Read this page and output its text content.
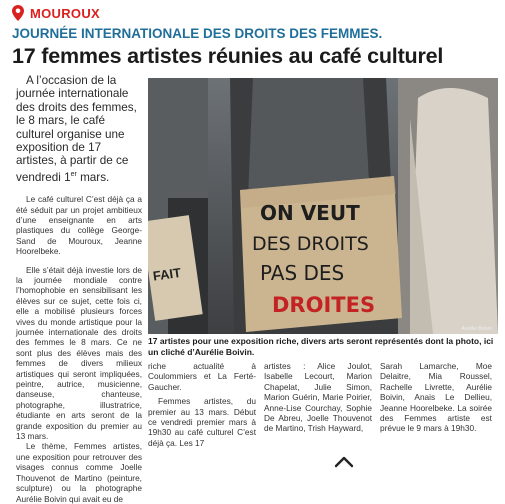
MOUROUX
JOURNÉE INTERNATIONALE DES DROITS DES FEMMES.
17 femmes artistes réunies au café culturel

A l’occasion de la journée internationale des droits des femmes, le 8 mars, le café culturel organise une exposition de 17 artistes, à partir de ce vendredi 1er mars.

Le café culturel C’est déjà ça a été séduit par un projet ambitieux d’une enseignante en arts plastiques du collège George-Sand de Mouroux, Jeanne Hoorelbeke.

Elle s’était déjà investie lors de la journée mondiale contre l’homophobie en sensibilisant les élèves sur ce sujet, cette fois ci, elle a mobilisé plusieurs forces vives du monde artistique pour la journée internationale des droits des femmes le 8 mars. Ce ne sont plus des élèves mais des femmes de divers milieux artistiques qui seront impliquées, peintre, autrice, musicienne, danseuse, chanteuse, photographe, illustratrice, étudiante en arts seront de la grande exposition du premier au 13 mars.

Le thème, Femmes artistes, une exposition pour retrouver des visages connus comme Joelle Thouvenot de Martino (peinture, sculpture) ou la photographe Aurélie Boivin qui avait eu de

FAIT
ON VEUT
DES DROITS
PAS DES
DROITES
Aurélie Boivin

17 artistes pour une exposition riche, divers arts seront représentés dont la photo, ici un cliché d’Aurélie Boivin.

riche actualité à Coulommiers et La Ferté-Gaucher.

Femmes artistes, du premier au 13 mars. Début ce vendredi premier mars à 19h30 au café culturel C’est déjà ça. Les 17

artistes : Alice Joulot, Isabelle Lecourt, Marion Chapelat, Julie Simon, Marion Guérin, Marie Poirier, Anne-Lise Courchay, Sophie De Abreu, Joelle Thouvenot de Martino, Trish Hayward,

Sarah Lamarche, Moe Delaitre, Mia Roussel, Rachelle Livrette, Aurélie Boivin, Anais Le Dellieu, Jeanne Hoorelbeke. La soirée des Femmes artiste est prévue le 9 mars à 19h30.
